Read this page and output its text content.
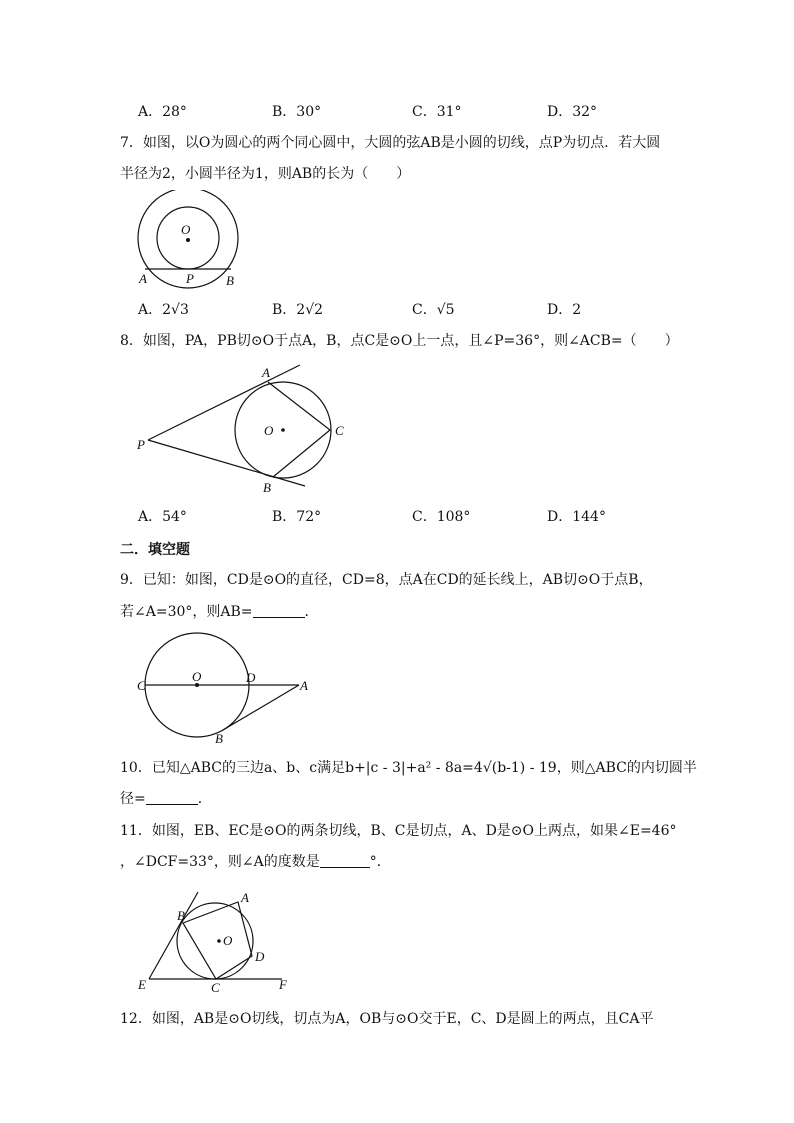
A．28°	B．30°	C．31°	D．32°
7．如图，以O为圆心的两个同心圆中，大圆的弦AB是小圆的切线，点P为切点．若大圆
半径为2，小圆半径为1，则AB的长为（　　）
O
A	P B
A．2√3	B．2√2	C．√5	D．2
8．如图，PA，PB切⊙O于点A，B，点C是⊙O上一点，且∠P=36°，则∠ACB=（　　）
A
B
C
O
P
A．54°	B．72°	C．108°	D．144°
二．填空题
9．已知：如图，CD是⊙O的直径，CD=8，点A在CD的延长线上，AB切⊙O于点B，
若∠A=30°，则AB=	．
C
O	D
A
B
10．已知△ABC的三边a、b、c满足b+|c - 3|+a² - 8a=4√(b-1) - 19，则△ABC的内切圆半
径=	．
11．如图，EB、EC是⊙O的两条切线，B、C是切点，A、D是⊙O上两点，如果∠E=46°
，∠DCF=33°，则∠A的度数是	°．
A
B
O
D
E	C	F
12．如图，AB是⊙O切线，切点为A，OB与⊙O交于E，C、D是圆上的两点，且CA平
